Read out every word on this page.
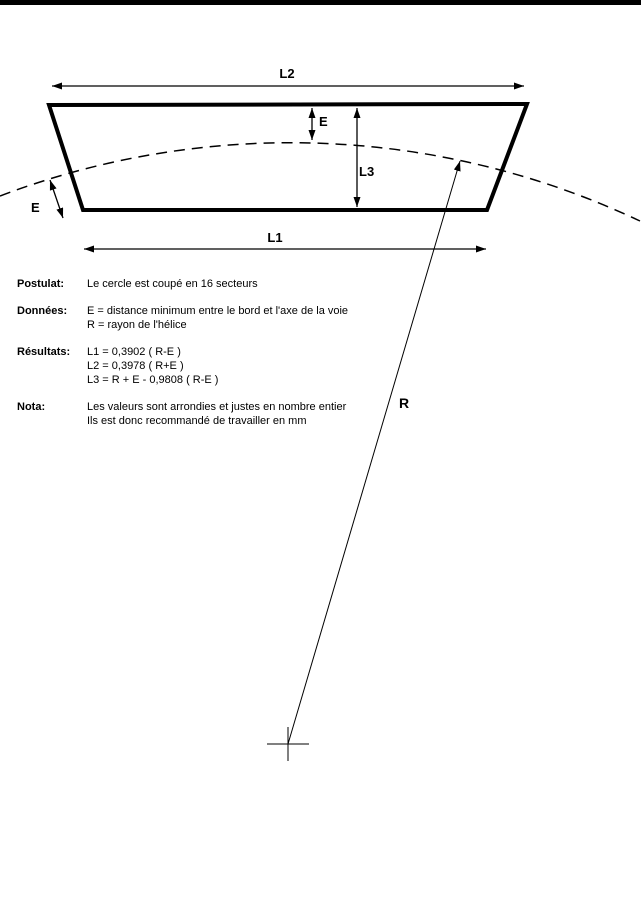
L2
E
L3
E
L1
R
Postulat:	Le cercle est coupé en 16 secteurs
Données:	E = distance minimum entre le bord et l'axe de la voie
R = rayon de l'hélice
Résultats:	L1 = 0,3902 ( R-E )
L2 = 0,3978 ( R+E )
L3 = R + E - 0,9808 ( R-E )
Nota:	Les valeurs sont arrondies et justes en nombre entier
Ils est donc recommandé de travailler en mm
